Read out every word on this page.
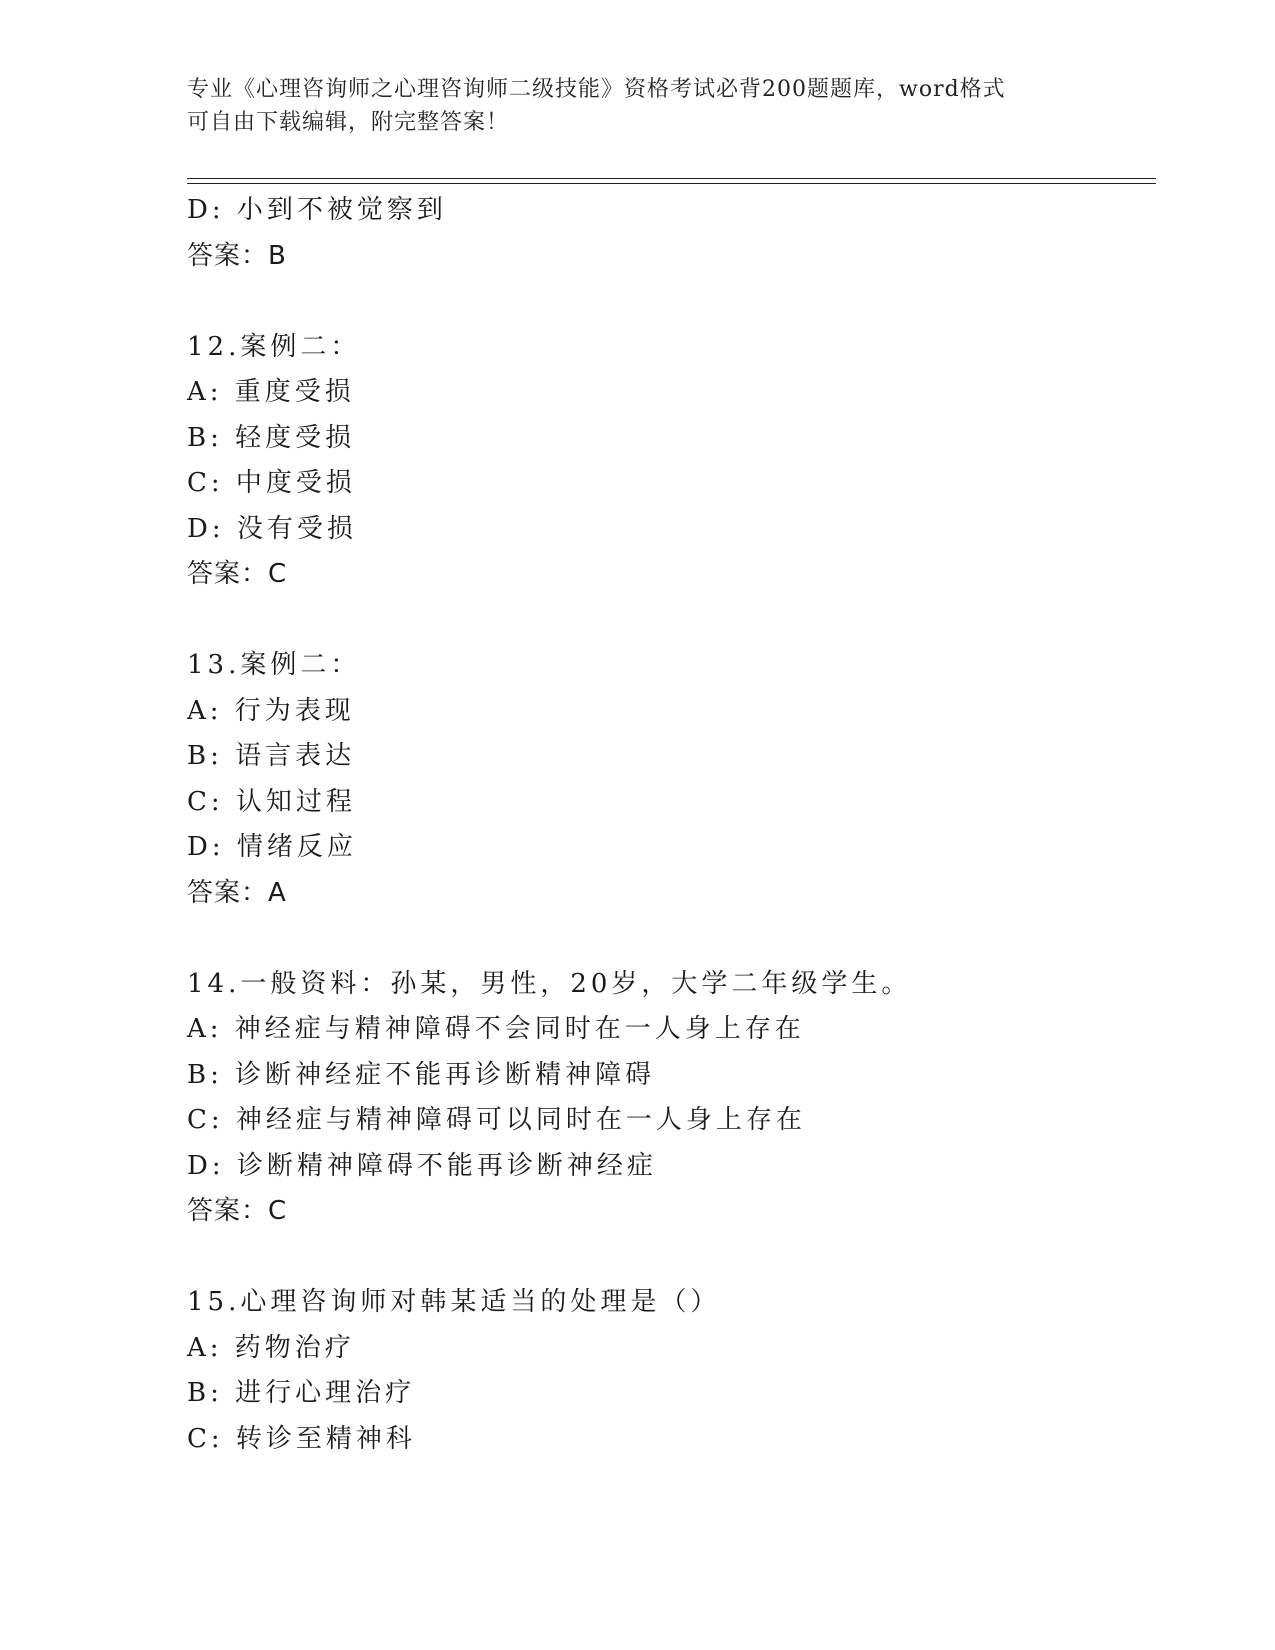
专业《心理咨询师之心理咨询师二级技能》资格考试必背200题题库，word格式
可自由下载编辑，附完整答案！
D: 小到不被觉察到
答案：B
12.案例二：
A: 重度受损
B: 轻度受损
C: 中度受损
D: 没有受损
答案：C
13.案例二：
A: 行为表现
B: 语言表达
C: 认知过程
D: 情绪反应
答案：A
14.一般资料：孙某，男性，20岁，大学二年级学生。
A: 神经症与精神障碍不会同时在一人身上存在
B: 诊断神经症不能再诊断精神障碍
C: 神经症与精神障碍可以同时在一人身上存在
D: 诊断精神障碍不能再诊断神经症
答案：C
15.心理咨询师对韩某适当的处理是（）
A: 药物治疗
B: 进行心理治疗
C: 转诊至精神科
